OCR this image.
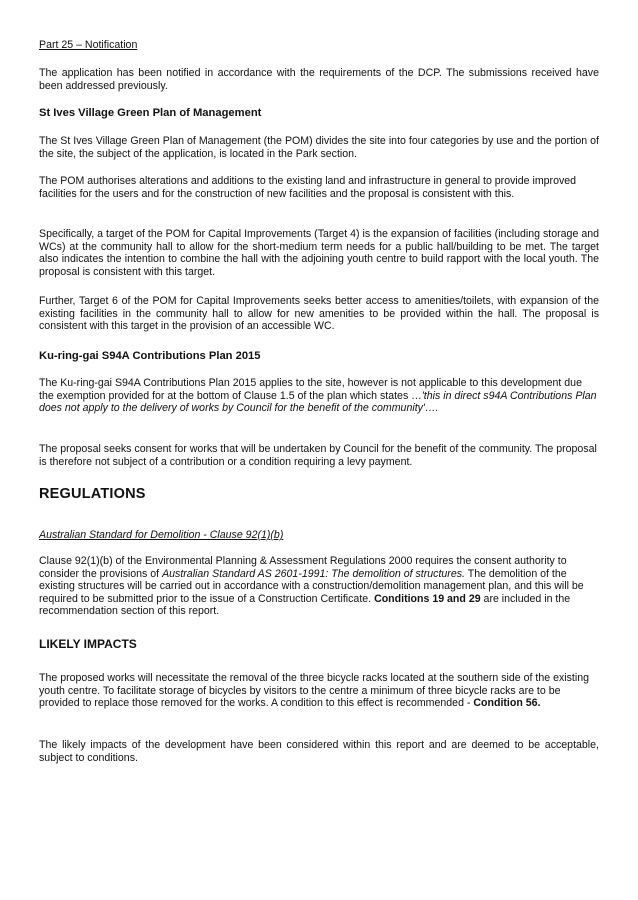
Part 25 – Notification

The application has been notified in accordance with the requirements of the DCP. The submissions received have been addressed previously.

St Ives Village Green Plan of Management

The St Ives Village Green Plan of Management (the POM) divides the site into four categories by use and the portion of the site, the subject of the application, is located in the Park section.

The POM authorises alterations and additions to the existing land and infrastructure in general to provide improved facilities for the users and for the construction of new facilities and the proposal is consistent with this.

Specifically, a target of the POM for Capital Improvements (Target 4) is the expansion of facilities (including storage and WCs) at the community hall to allow for the short-medium term needs for a public hall/building to be met. The target also indicates the intention to combine the hall with the adjoining youth centre to build rapport with the local youth. The proposal is consistent with this target.

Further, Target 6 of the POM for Capital Improvements seeks better access to amenities/toilets, with expansion of the existing facilities in the community hall to allow for new amenities to be provided within the hall. The proposal is consistent with this target in the provision of an accessible WC.

Ku-ring-gai S94A Contributions Plan 2015

The Ku-ring-gai S94A Contributions Plan 2015 applies to the site, however is not applicable to this development due the exemption provided for at the bottom of Clause 1.5 of the plan which states …'this in direct s94A Contributions Plan does not apply to the delivery of works by Council for the benefit of the community'….

The proposal seeks consent for works that will be undertaken by Council for the benefit of the community. The proposal is therefore not subject of a contribution or a condition requiring a levy payment.

REGULATIONS

Australian Standard for Demolition - Clause 92(1)(b)

Clause 92(1)(b) of the Environmental Planning & Assessment Regulations 2000 requires the consent authority to consider the provisions of Australian Standard AS 2601-1991: The demolition of structures. The demolition of the existing structures will be carried out in accordance with a construction/demolition management plan, and this will be required to be submitted prior to the issue of a Construction Certificate. Conditions 19 and 29 are included in the recommendation section of this report.

LIKELY IMPACTS

The proposed works will necessitate the removal of the three bicycle racks located at the southern side of the existing youth centre. To facilitate storage of bicycles by visitors to the centre a minimum of three bicycle racks are to be provided to replace those removed for the works. A condition to this effect is recommended - Condition 56.

The likely impacts of the development have been considered within this report and are deemed to be acceptable, subject to conditions.
